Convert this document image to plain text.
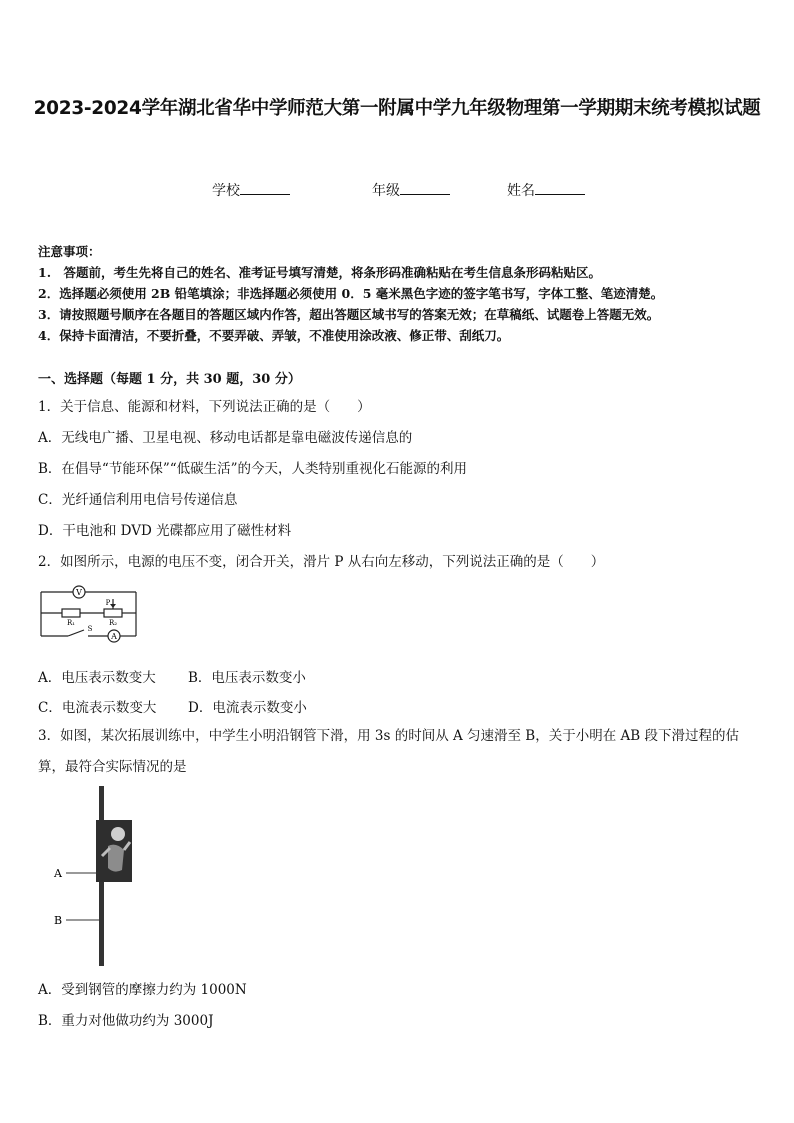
2023-2024学年湖北省华中学师范大第一附属中学九年级物理第一学期期末统考模拟试题
学校	年级	姓名
注意事项：
1.　答题前，考生先将自己的姓名、准考证号填写清楚，将条形码准确粘贴在考生信息条形码粘贴区。
2．选择题必须使用 2B 铅笔填涂；非选择题必须使用 0．5 毫米黑色字迹的签字笔书写，字体工整、笔迹清楚。
3．请按照题号顺序在各题目的答题区域内作答，超出答题区域书写的答案无效；在草稿纸、试题卷上答题无效。
4．保持卡面清洁，不要折叠，不要弄破、弄皱，不准使用涂改液、修正带、刮纸刀。
一、选择题（每题 1 分，共 30 题，30 分）
1．关于信息、能源和材料，下列说法正确的是（　　）
A．无线电广播、卫星电视、移动电话都是靠电磁波传递信息的
B．在倡导“节能环保”“低碳生活”的今天，人类特别重视化石能源的利用
C．光纤通信利用电信号传递信息
D．干电池和 DVD 光碟都应用了磁性材料
2．如图所示，电源的电压不变，闭合开关，滑片 P 从右向左移动，下列说法正确的是（　　）
V
A
R₁	R₂
P
S
A．电压表示数变大 B．电压表示数变小
C．电流表示数变大 D．电流表示数变小
3．如图，某次拓展训练中，中学生小明沿钢管下滑，用 3s 的时间从 A 匀速滑至 B，关于小明在 AB 段下滑过程的估算，最符合实际情况的是
A
B
A．受到钢管的摩擦力约为 1000N
B．重力对他做功约为 3000J
